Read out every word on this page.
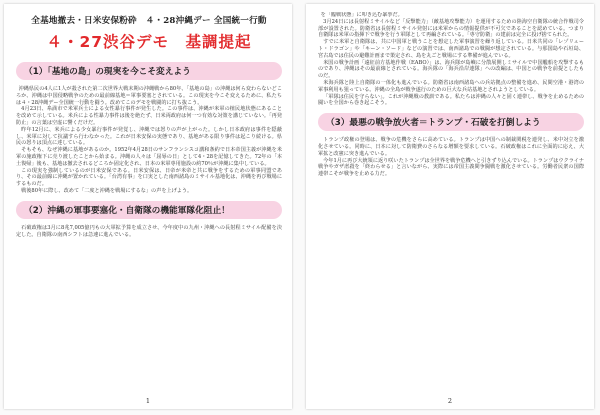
全基地撤去・日米安保粉砕　４・28沖縄デー 全国統一行動
４・27渋谷デモ　基調提起
（1）「基地の島」の現実を今こそ変えよう

沖縄県民の4人に1人が殺された第二次世界大戦末期の沖縄戦から80年、「基地の島」の沖縄は何ら変わらないどころか、沖縄は中国侵略戦争のための最前線基地＝軍事要塞とされている。この現実を今こそ変えるために、私たちは４・28沖縄デー全国統一行動を闘う。改めてこのデモを戦闘的に打ち抜こう。

4月23日、糸満市で米軍兵士による女性暴行事件が発生した。この事件は、沖縄が米軍の植民地状態にあることを改めて示している。米兵による性暴力事件は後を絶たず、日米両政府は何一つ有効な対策を講じていない。「再発防止」の言葉は空虚に響くだけだ。

昨年12月に、米兵による少女暴行事件が発覚し、沖縄では怒りの声が上がった。しかし日本政府は事件を隠蔽し、米軍に対して抗議すら行わなかった。これが日米安保の実態であり、基地がある限り事件は起こり続ける。県民の怒りは頂点に達している。

そもそも、なぜ沖縄に基地があるのか。1952年4月28日のサンフランシスコ講和条約で日本帝国主義が沖縄を米軍の施政権下に売り渡したことから始まる。沖縄の人々は「屈辱の日」として4・28を記憶してきた。72年の「本土復帰」後も、基地は撤去されるどころか固定化され、日本の米軍専用施設の約70％が沖縄に集中している。

この現実を強制しているのが日米安保である。日米安保は、日帝が米帝と共に戦争をするための軍事同盟であり、その最前線に沖縄が置かれている。「台湾有事」を口実とした南西諸島のミサイル基地化は、沖縄を再び戦場にするものだ。

戦後80年に際し、改めて「二度と沖縄を戦場にするな」の声を上げよう。

（2）沖縄の軍事要塞化・自衛隊の機能軍隊化阻止！

石破政権は3月に8兆7,005億円もの大軍拡予算を成立させ、今年度中の九州・沖縄への長射程ミサイル配備を決定した。自衛隊の南西シフトは急速に進んでいる。

1

を「臨戦状態」に叩き込む暴挙だ。

3月24日には長射程ミサイルなど「反撃能力」（敵基地攻撃能力）を運用するための陸海空自衛隊の統合作戦司令部が設置された。防衛省は長射程ミサイル発射には米軍からの情報提供が不可欠であることを認めている。つまり自衛隊は米軍の指揮下で戦争を行う軍隊として再編されている。「専守防衛」の建前は完全に投げ捨てられた。

すでに米軍と自衛隊は、共に中国軍と戦うことを想定した軍事演習を繰り返している。日米共同の「レゾリュート・ドラゴン」や「キーン・ソード」などの演習では、南西諸島での戦闘が想定されている。与那国島や石垣島、宮古島では住民の避難計画まで策定され、島を丸ごと戦場にする準備が進んでいる。

米国の戦争計画「遠征前方基地作戦（EABO）」は、海兵隊が島嶼に分散展開しミサイルで中国艦船を攻撃するものであり、沖縄はその最前線とされている。海兵隊の「海兵沿岸連隊」への改編は、中国との戦争を前提としたものだ。

米海兵隊と陸上自衛隊の一体化も進んでいる。防衛省は南西諸島への兵站拠点の整備を進め、民間空港・港湾の軍事利用も狙っている。沖縄の全島が戦争遂行のための巨大な兵站基地とされようとしている。

「軍隊は住民を守らない」。これが沖縄戦の教訓である。私たちは沖縄の人々と固く連帯し、戦争を止めるための闘いを全国から巻き起こそう。

（3）最悪の戦争放火者＝トランプ・石破を打倒しよう

トランプ政権の登場は、戦争の危機をさらに高めている。トランプは中国への制裁関税を連発し、米中対立を激化させている。同時に、日本に対して防衛費のさらなる増額を要求している。石破政権はこれに全面的に応え、大軍拡と改憲に突き進んでいる。

今年1月に再び大統領に返り咲いたトランプは全世界を戦争危機へと引きずり込んでいる。トランプはウクライナ戦争やガザ虐殺を「終わらせる」と言いながら、実際には帝国主義間争闘戦を激化させている。労働者民衆の国際連帯こそが戦争を止める力だ。

2
